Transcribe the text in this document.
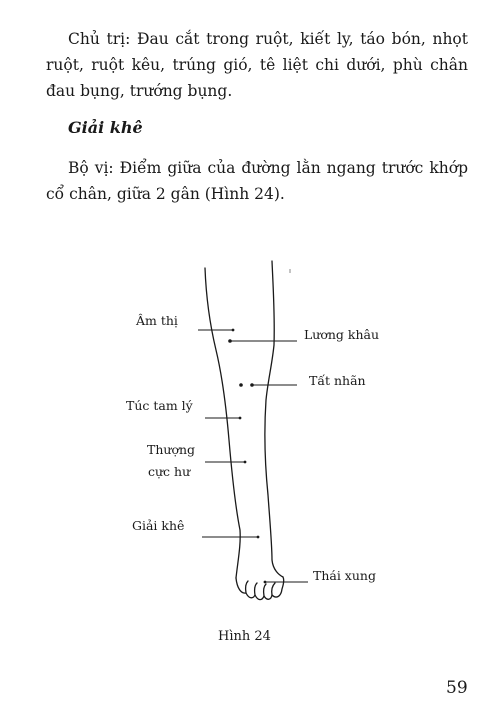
Chủ trị: Đau cắt trong ruột, kiết ly, táo bón, nhọt ruột, ruột kêu, trúng gió, tê liệt chi dưới, phù chân đau bụng, trướng bụng.

Giải khê

Bộ vị: Điểm giữa của đường lằn ngang trước khớp cổ chân, giữa 2 gân (Hình 24).

Âm thị
Lương khâu
Tất nhãn
Túc tam lý
Thượng
cực hư
Giải khê
Thái xung
Hình 24
59
